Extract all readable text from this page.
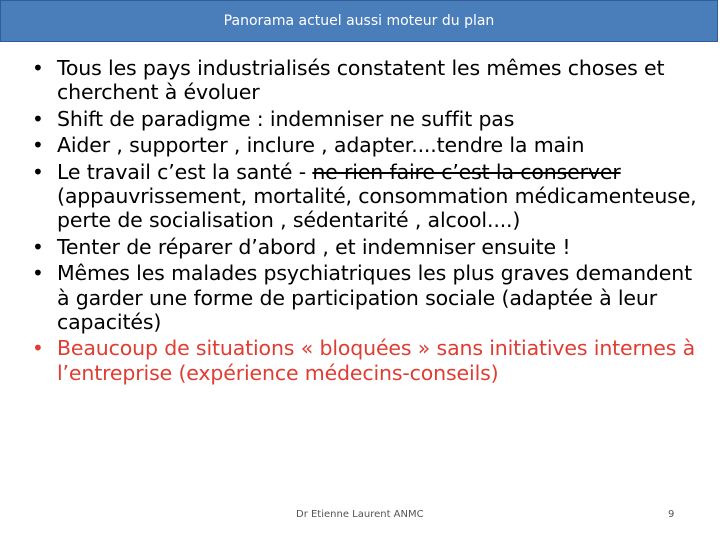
Panorama actuel aussi moteur du plan
• Tous les pays industrialisés constatent les mêmes choses et cherchent à évoluer
• Shift de paradigme : indemniser ne suffit pas
• Aider , supporter , inclure , adapter....tendre la main
• Le travail c’est la santé - ne rien faire c’est la conserver (appauvrissement, mortalité, consommation médicamenteuse, perte de socialisation , sédentarité , alcool....)
• Tenter de réparer d’abord , et indemniser ensuite !
• Mêmes les malades psychiatriques les plus graves demandent à garder une forme de participation sociale (adaptée à leur capacités)
• Beaucoup de situations « bloquées » sans initiatives internes à l’entreprise (expérience médecins-conseils)
Dr Etienne Laurent ANMC	9
